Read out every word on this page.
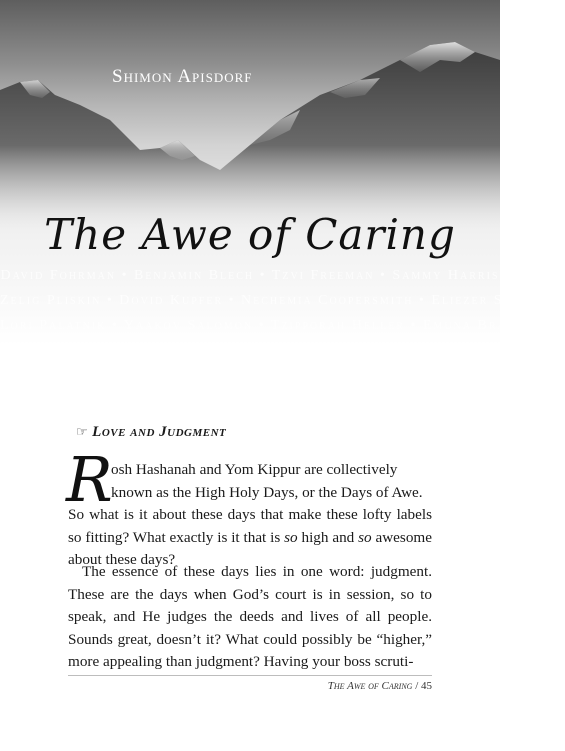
Shimon Apisdorf
The Awe of Caring
David Fohrman • Benjamin Blech • Tzvi Freeman • Sammy Harris
Zelig Pliskin • Dovid Kupfer • Nechemia Coopersmith • Eliezer Schwartz
Lori Palatnik • Yaakov Salomon • Tzipporah Heller • Emuna Braverman
☞ Love and Judgment
R
osh Hashanah and Yom Kippur are collectively
known as the High Holy Days, or the Days of Awe.
So what is it about these days that make these lofty labels so fitting? What exactly is it that is so high and so awesome about these days?
The essence of these days lies in one word: judgment. These are the days when God’s court is in session, so to speak, and He judges the deeds and lives of all people. Sounds great, doesn’t it? What could possibly be “higher,” more appealing than judgment? Having your boss scruti-
The Awe of Caring / 45
